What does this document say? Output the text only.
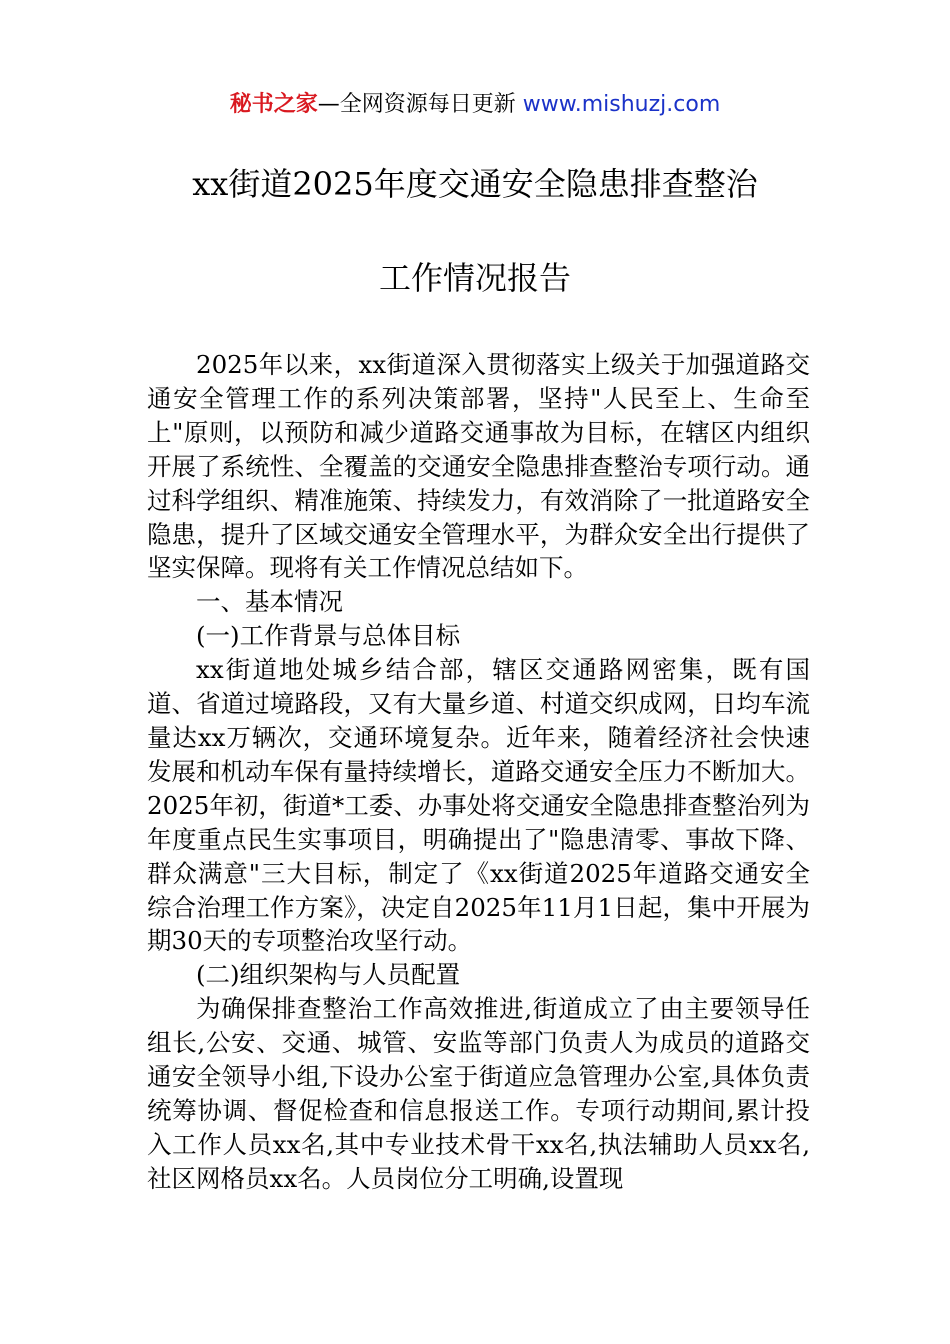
秘书之家—全网资源每日更新 www.mishuzj.com
xx街道2025年度交通安全隐患排查整治
工作情况报告

2025年以来，xx街道深入贯彻落实上级关于加强道路交通安全管理工作的系列决策部署，坚持"人民至上、生命至上"原则，以预防和减少道路交通事故为目标，在辖区内组织开展了系统性、全覆盖的交通安全隐患排查整治专项行动。通过科学组织、精准施策、持续发力，有效消除了一批道路安全隐患，提升了区域交通安全管理水平，为群众安全出行提供了坚实保障。现将有关工作情况总结如下。

一、基本情况

(一)工作背景与总体目标

xx街道地处城乡结合部，辖区交通路网密集，既有国道、省道过境路段，又有大量乡道、村道交织成网，日均车流量达xx万辆次，交通环境复杂。近年来，随着经济社会快速发展和机动车保有量持续增长，道路交通安全压力不断加大。2025年初，街道*工委、办事处将交通安全隐患排查整治列为年度重点民生实事项目，明确提出了"隐患清零、事故下降、群众满意"三大目标，制定了《xx街道2025年道路交通安全综合治理工作方案》，决定自2025年11月1日起，集中开展为期30天的专项整治攻坚行动。

(二)组织架构与人员配置

为确保排查整治工作高效推进,街道成立了由主要领导任组长,公安、交通、城管、安监等部门负责人为成员的道路交通安全领导小组,下设办公室于街道应急管理办公室,具体负责统筹协调、督促检查和信息报送工作。专项行动期间,累计投入工作人员xx名,其中专业技术骨干xx名,执法辅助人员xx名,社区网格员xx名。人员岗位分工明确,设置现
